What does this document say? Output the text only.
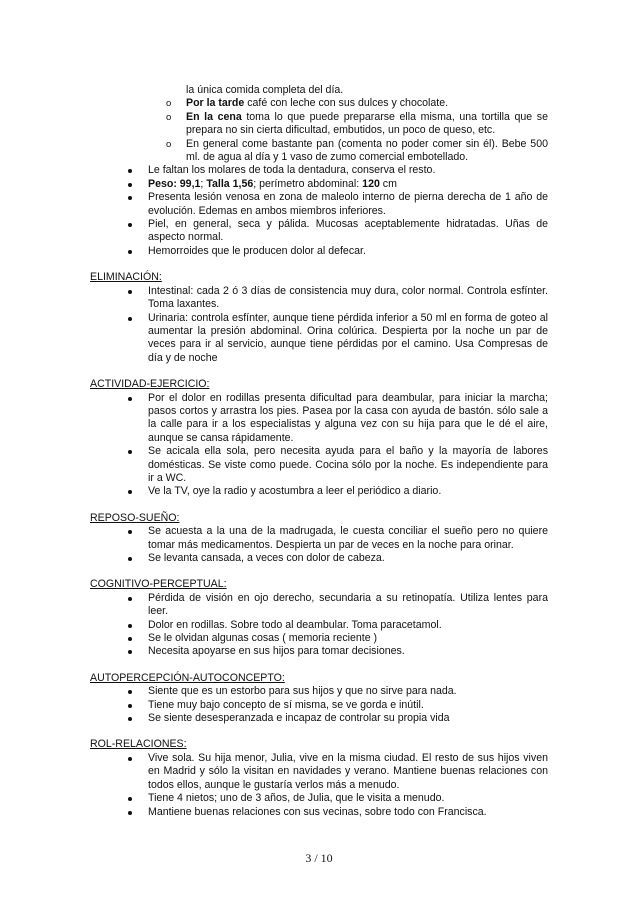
la única comida completa del día.
o Por la tarde café con leche con sus dulces y chocolate.
o En la cena toma lo que puede prepararse ella misma, una tortilla que se prepara no sin cierta dificultad, embutidos, un poco de queso, etc.
o En general come bastante pan (comenta no poder comer sin él). Bebe 500 ml. de agua al día y 1 vaso de zumo comercial embotellado.
Le faltan los molares de toda la dentadura, conserva el resto.
Peso: 99,1; Talla 1,56; perímetro abdominal: 120 cm
Presenta lesión venosa en zona de maleolo interno de pierna derecha de 1 año de evolución. Edemas en ambos miembros inferiores.
Piel, en general, seca y pálida. Mucosas aceptablemente hidratadas. Uñas de aspecto normal.
Hemorroides que le producen dolor al defecar.
ELIMINACIÓN:
Intestinal: cada 2 ó 3 días de consistencia muy dura, color normal. Controla esfínter. Toma laxantes.
Urinaria: controla esfínter, aunque tiene pérdida inferior a 50 ml en forma de goteo al aumentar la presión abdominal. Orina colúrica. Despierta por la noche un par de veces para ir al servicio, aunque tiene pérdidas por el camino. Usa Compresas de día y de noche
ACTIVIDAD-EJERCICIO:
Por el dolor en rodillas presenta dificultad para deambular, para iniciar la marcha; pasos cortos y arrastra los pies. Pasea por la casa con ayuda de bastón. sólo sale a la calle para ir a los especialistas y alguna vez con su hija para que le dé el aire, aunque se cansa rápidamente.
Se acicala ella sola, pero necesita ayuda para el baño y la mayoría de labores domésticas. Se viste como puede. Cocina sólo por la noche. Es independiente para ir a WC.
Ve la TV, oye la radio y acostumbra a leer el periódico a diario.
REPOSO-SUEÑO:
Se acuesta a la una de la madrugada, le cuesta conciliar el sueño pero no quiere tomar más medicamentos. Despierta un par de veces en la noche para orinar.
Se levanta cansada, a veces con dolor de cabeza.
COGNITIVO-PERCEPTUAL:
Pérdida de visión en ojo derecho, secundaria a su retinopatía. Utiliza lentes para leer.
Dolor en rodillas. Sobre todo al deambular. Toma paracetamol.
Se le olvidan algunas cosas ( memoria reciente )
Necesita apoyarse en sus hijos para tomar decisiones.
AUTOPERCEPCIÓN-AUTOCONCEPTO:
Siente que es un estorbo para sus hijos y que no sirve para nada.
Tiene muy bajo concepto de sí misma, se ve gorda e inútil.
Se siente desesperanzada e incapaz de controlar su propia vida
ROL-RELACIONES:
Vive sola. Su hija menor, Julia, vive en la misma ciudad. El resto de sus hijos viven en Madrid y sólo la visitan en navidades y verano. Mantiene buenas relaciones con todos ellos, aunque le gustaría verlos más a menudo.
Tiene 4 nietos; uno de 3 años, de Julia, que le visita a menudo.
Mantiene buenas relaciones con sus vecinas, sobre todo con Francisca.
3 / 10
